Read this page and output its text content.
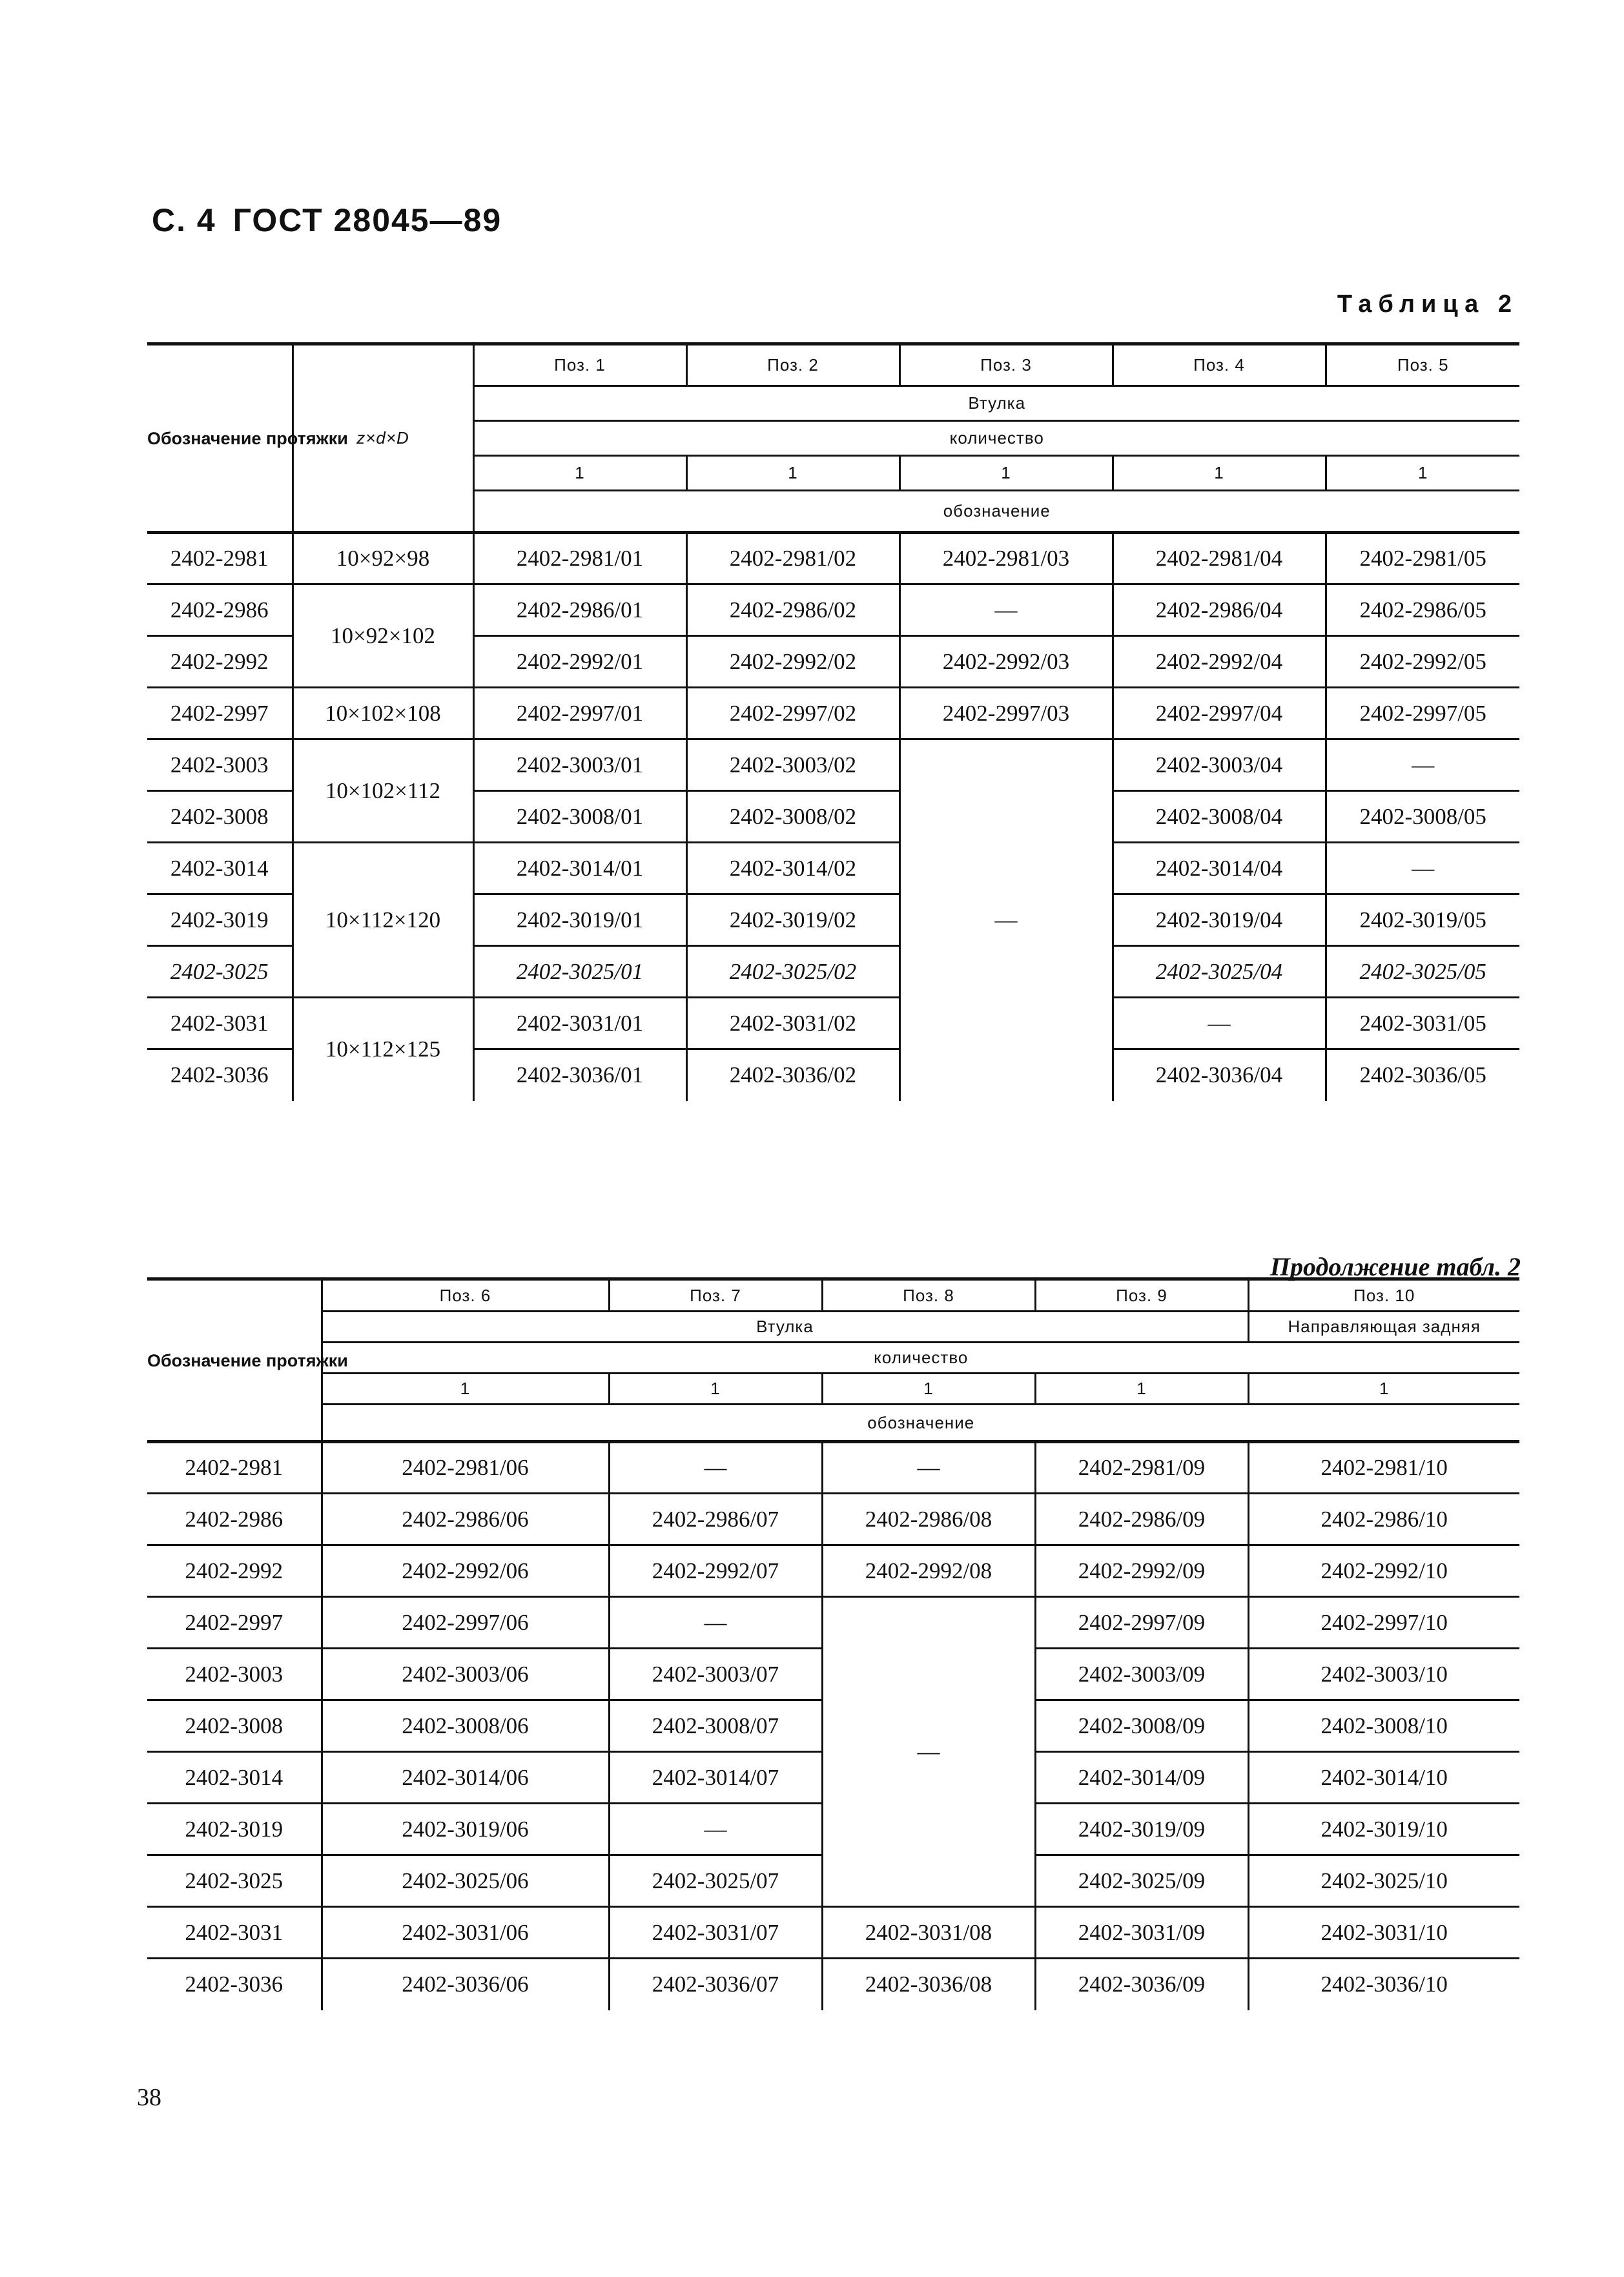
С. 4 ГОСТ 28045—89
Таблица 2
Обозначение протяжки	z×d×D	Поз. 1	Поз. 2	Поз. 3	Поз. 4	Поз. 5
		Втулка				
		количество				
		1	1	1	1	1
		обозначение				
2402-2981	10×92×98	2402-2981/01	2402-2981/02	2402-2981/03	2402-2981/04	2402-2981/05
2402-2986	10×92×102	2402-2986/01	2402-2986/02	—	2402-2986/04	2402-2986/05
2402-2992		2402-2992/01	2402-2992/02	2402-2992/03	2402-2992/04	2402-2992/05
2402-2997	10×102×108	2402-2997/01	2402-2997/02	2402-2997/03	2402-2997/04	2402-2997/05
2402-3003	10×102×112	2402-3003/01	2402-3003/02	—	2402-3003/04	—
2402-3008		2402-3008/01	2402-3008/02		2402-3008/04	2402-3008/05
2402-3014	10×112×120	2402-3014/01	2402-3014/02		2402-3014/04	—
2402-3019		2402-3019/01	2402-3019/02		2402-3019/04	2402-3019/05
2402-3025		2402-3025/01	2402-3025/02		2402-3025/04	2402-3025/05
2402-3031	10×112×125	2402-3031/01	2402-3031/02		—	2402-3031/05
2402-3036		2402-3036/01	2402-3036/02		2402-3036/04	2402-3036/05
Продолжение табл. 2
Обозначение протяжки	Поз. 6	Поз. 7	Поз. 8	Поз. 9	Поз. 10
	Втулка				Направляющая задняя
	количество				
	1	1	1	1	1
	обозначение				
2402-2981	2402-2981/06	—	—	2402-2981/09	2402-2981/10
2402-2986	2402-2986/06	2402-2986/07	2402-2986/08	2402-2986/09	2402-2986/10
2402-2992	2402-2992/06	2402-2992/07	2402-2992/08	2402-2992/09	2402-2992/10
2402-2997	2402-2997/06	—	—	2402-2997/09	2402-2997/10
2402-3003	2402-3003/06	2402-3003/07		2402-3003/09	2402-3003/10
2402-3008	2402-3008/06	2402-3008/07		2402-3008/09	2402-3008/10
2402-3014	2402-3014/06	2402-3014/07		2402-3014/09	2402-3014/10
2402-3019	2402-3019/06	—		2402-3019/09	2402-3019/10
2402-3025	2402-3025/06	2402-3025/07		2402-3025/09	2402-3025/10
2402-3031	2402-3031/06	2402-3031/07	2402-3031/08	2402-3031/09	2402-3031/10
2402-3036	2402-3036/06	2402-3036/07	2402-3036/08	2402-3036/09	2402-3036/10
38
